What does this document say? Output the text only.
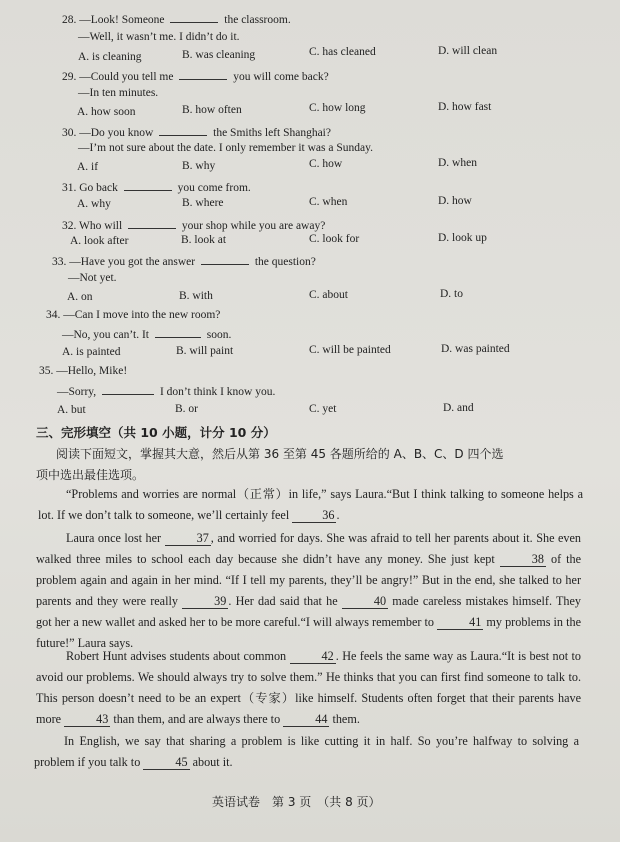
28. —Look! Someone	the classroom.
—Well, it wasn’t me. I didn’t do it.
A. is cleaning	B. was cleaning	C. has cleaned	D. will clean
29. —Could you tell me	you will come back?
—In ten minutes.
A. how soon	B. how often	C. how long	D. how fast
30. —Do you know	the Smiths left Shanghai?
—I’m not sure about the date. I only remember it was a Sunday.
A. if	B. why	C. how	D. when
31. Go back	you come from.
A. why	B. where	C. when	D. how
32. Who will	your shop while you are away?
A. look after	B. look at	C. look for	D. look up
33. —Have you got the answer	the question?
—Not yet.
A. on	B. with	C. about	D. to
34. —Can I move into the new room?
—No, you can’t. It	soon.
A. is painted	B. will paint	C. will be painted	D. was painted
35. —Hello, Mike!
—Sorry,	I don’t think I know you.
A. but	B. or	C. yet	D. and
三、完形填空（共 10 小题，计分 10 分）
阅读下面短文，掌握其大意，然后从第 36 至第 45 各题所给的 A、B、C、D 四个选
项中选出最佳选项。
“Problems and worries are normal（正常）in life,” says Laura.“But I think talking to someone helps a lot. If we don’t talk to someone, we’ll certainly feel	36 .
Laura once lost her	37 , and worried for days. She was afraid to tell her parents about it. She even walked three miles to school each day because she didn’t have any money. She just kept	38 of the problem again and again in her mind. “If I tell my parents, they’ll be angry!” But in the end, she talked to her parents and they were really	39 . Her dad said that he	40 made careless mistakes himself. They got her a new wallet and asked her to be more careful.“I will always remember to	41 my problems in the future!” Laura says.
Robert Hunt advises students about common	42 . He feels the same way as Laura.“It is best not to avoid our problems. We should always try to solve them.” He thinks that you can first find someone to talk to. This person doesn’t need to be an expert（专家）like himself. Students often forget that their parents have more	43 than them, and are always there to	44 them.
In English, we say that sharing a problem is like cutting it in half. So you’re halfway to solving a problem if you talk to	45 about it.
英语试卷　第 3 页　（共 8 页）
